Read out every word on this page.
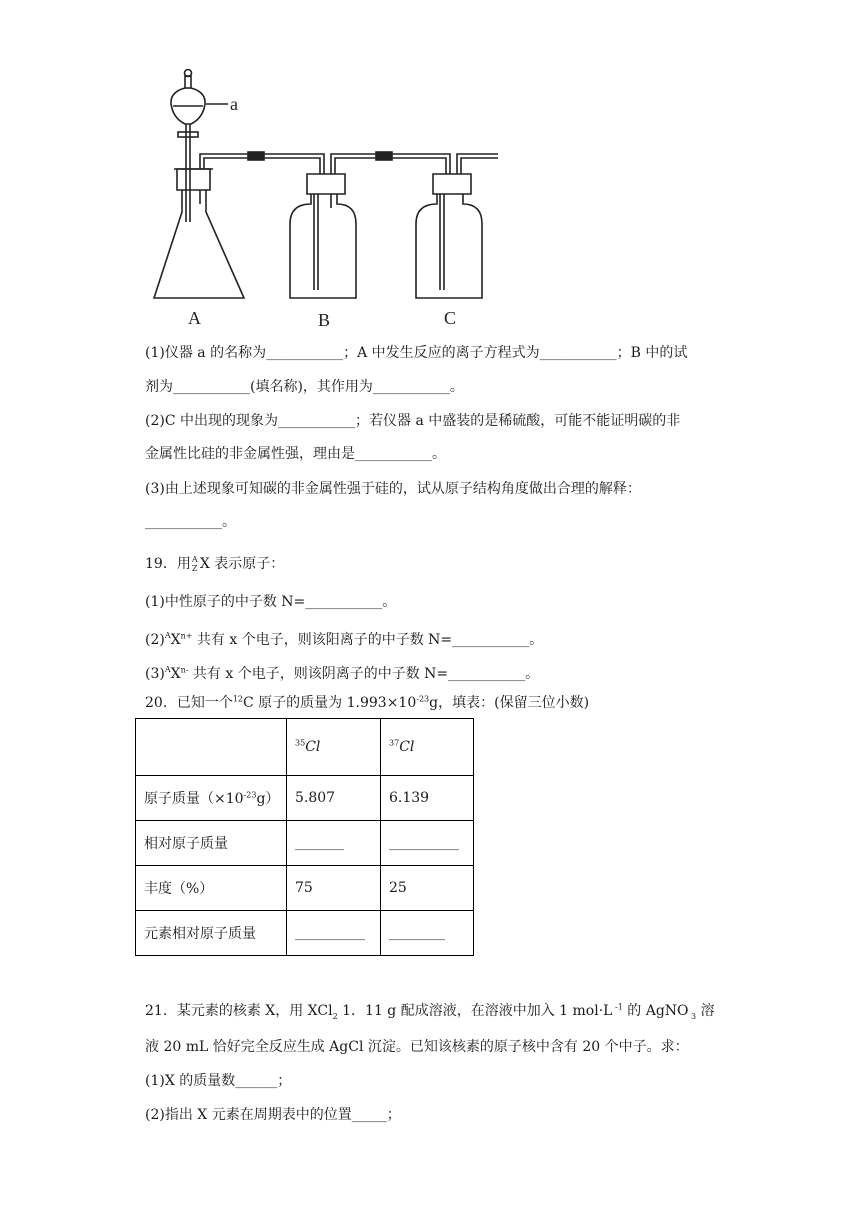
a
A	B	C
(1)仪器 a 的名称为___________；A 中发生反应的离子方程式为___________；B 中的试
剂为___________(填名称)，其作用为___________。
(2)C 中出现的现象为___________；若仪器 a 中盛装的是稀硫酸，可能不能证明碳的非
金属性比硅的非金属性强，理由是___________。
(3)由上述现象可知碳的非金属性强于硅的，试从原子结构角度做出合理的解释：
___________。
19．用 A
Z X 表示原子：
(1)中性原子的中子数 N=___________。
$(2)^AX^{n+}$ 共有 x 个电子，则该阳离子的中子数 N=___________。
$(3)^AX^{n-}$ 共有 x 个电子，则该阴离子的中子数 N=___________。
20．已知一个$^{12}$C 原子的质量为 $1.993\times 10^{-23}g$，填表：(保留三位小数)
	$^{35}$Cl	$^{37}$Cl
原子质量$(\times 10^{-23}g)$	5.807	6.139
相对原子质量	_______	__________
丰度（%）	75	25
元素相对原子质量	__________	________
21．某元素的核素 X，用 XCl$_2$ 1．11 g 配成溶液，在溶液中加入 1 mol·L $^{-1}$ 的 AgNO $_3$ 溶
液 20 mL 恰好完全反应生成 AgCl 沉淀。已知该核素的原子核中含有 20 个中子。求：
(1)X 的质量数______；
(2)指出 X 元素在周期表中的位置_____；
